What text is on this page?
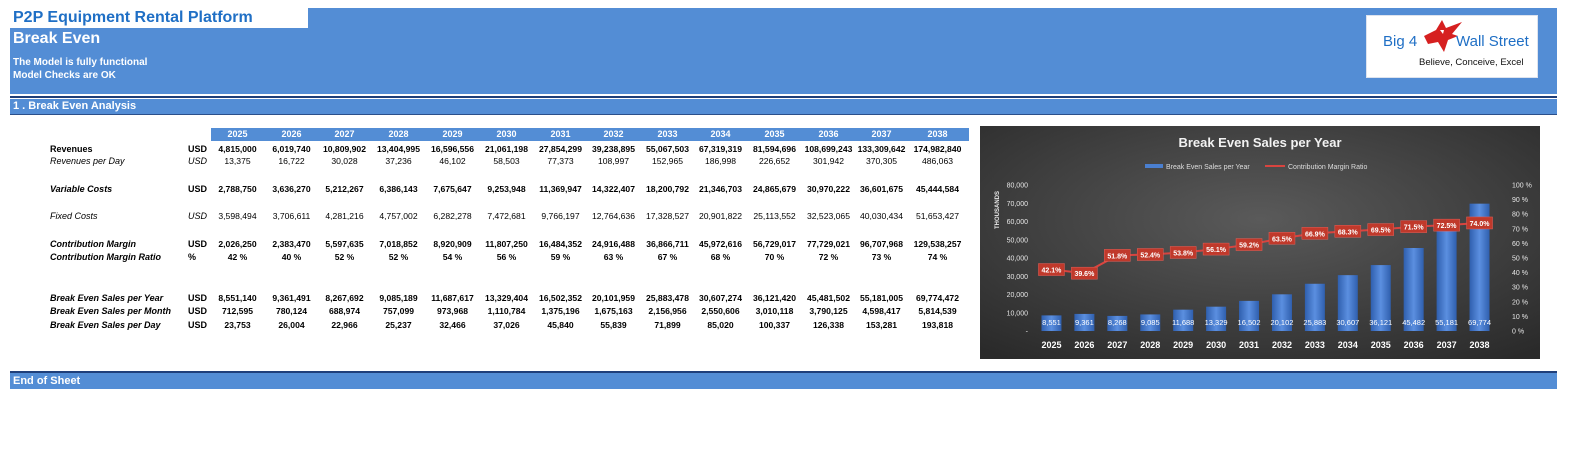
Break Even
The Model is fully functional
Model Checks are OK
P2P Equipment Rental Platform
Big 4	Wall Street
Believe, Conceive, Excel
1 . Break Even Analysis
2025	2026	2027	2028	2029	2030	2031	2032	2033	2034	2035	2036	2037	2038
Revenues	USD	4,815,000	6,019,740	10,809,902	13,404,995	16,596,556	21,061,198	27,854,299	39,238,895	55,067,503	67,319,319	81,594,696 108,699,243 133,309,642 174,982,840
Revenues per Day	USD	13,375	16,722	30,028	37,236	46,102	58,503	77,373	108,997	152,965	186,998	226,652	301,942	370,305	486,063
Variable Costs	USD	2,788,750	3,636,270	5,212,267	6,386,143	7,675,647	9,253,948	11,369,947	14,322,407	18,200,792	21,346,703	24,865,679	30,970,222	36,601,675	45,444,584
Fixed Costs	USD	3,598,494	3,706,611	4,281,216	4,757,002	6,282,278	7,472,681	9,766,197	12,764,636	17,328,527	20,901,822	25,113,552	32,523,065	40,030,434	51,653,427
Contribution Margin	USD	2,026,250	2,383,470	5,597,635	7,018,852	8,920,909	11,807,250	16,484,352	24,916,488	36,866,711	45,972,616	56,729,017	77,729,021	96,707,968	129,538,257
Contribution Margin Ratio	%	42 %	40 %	52 %	52 %	54 %	56 %	59 %	63 %	67 %	68 %	70 %	72 %	73 %	74 %
Break Even Sales per Year	USD	8,551,140	9,361,491	8,267,692	9,085,189	11,687,617	13,329,404	16,502,352	20,101,959	25,883,478	30,607,274	36,121,420	45,481,502	55,181,005	69,774,472
Break Even Sales per Month USD	712,595	780,124	688,974	757,099	973,968	1,110,784	1,375,196	1,675,163	2,156,956	2,550,606	3,010,118	3,790,125	4,598,417	5,814,539
Break Even Sales per Day	USD	23,753	26,004	22,966	25,237	32,466	37,026	45,840	55,839	71,899	85,020	100,337	126,338	153,281	193,818
Break Even Sales per Year
Break Even Sales per Year	Contribution Margin Ratio
-
10,000
20,000
30,000
40,000
50,000
60,000
70,000
80,000
THOUSANDS
0 %
10 %
20 %
30 %
40 %
50 %
60 %
70 %
80 %
90 %
100 %
8,551 9,361 8,268 9,085 11,688 13,329 16,502 20,102 25,883 30,607 36,121 45,482 55,181 69,774
2025 2026 2027 2028 2029 2030 2031 2032 2033 2034 2035 2036 2037 2038
42.1%
39.6%
51.8% 52.4% 53.8% 56.1%
59.2%
63.5%
66.9% 68.3% 69.5% 71.5% 72.5% 74.0%
End of Sheet
